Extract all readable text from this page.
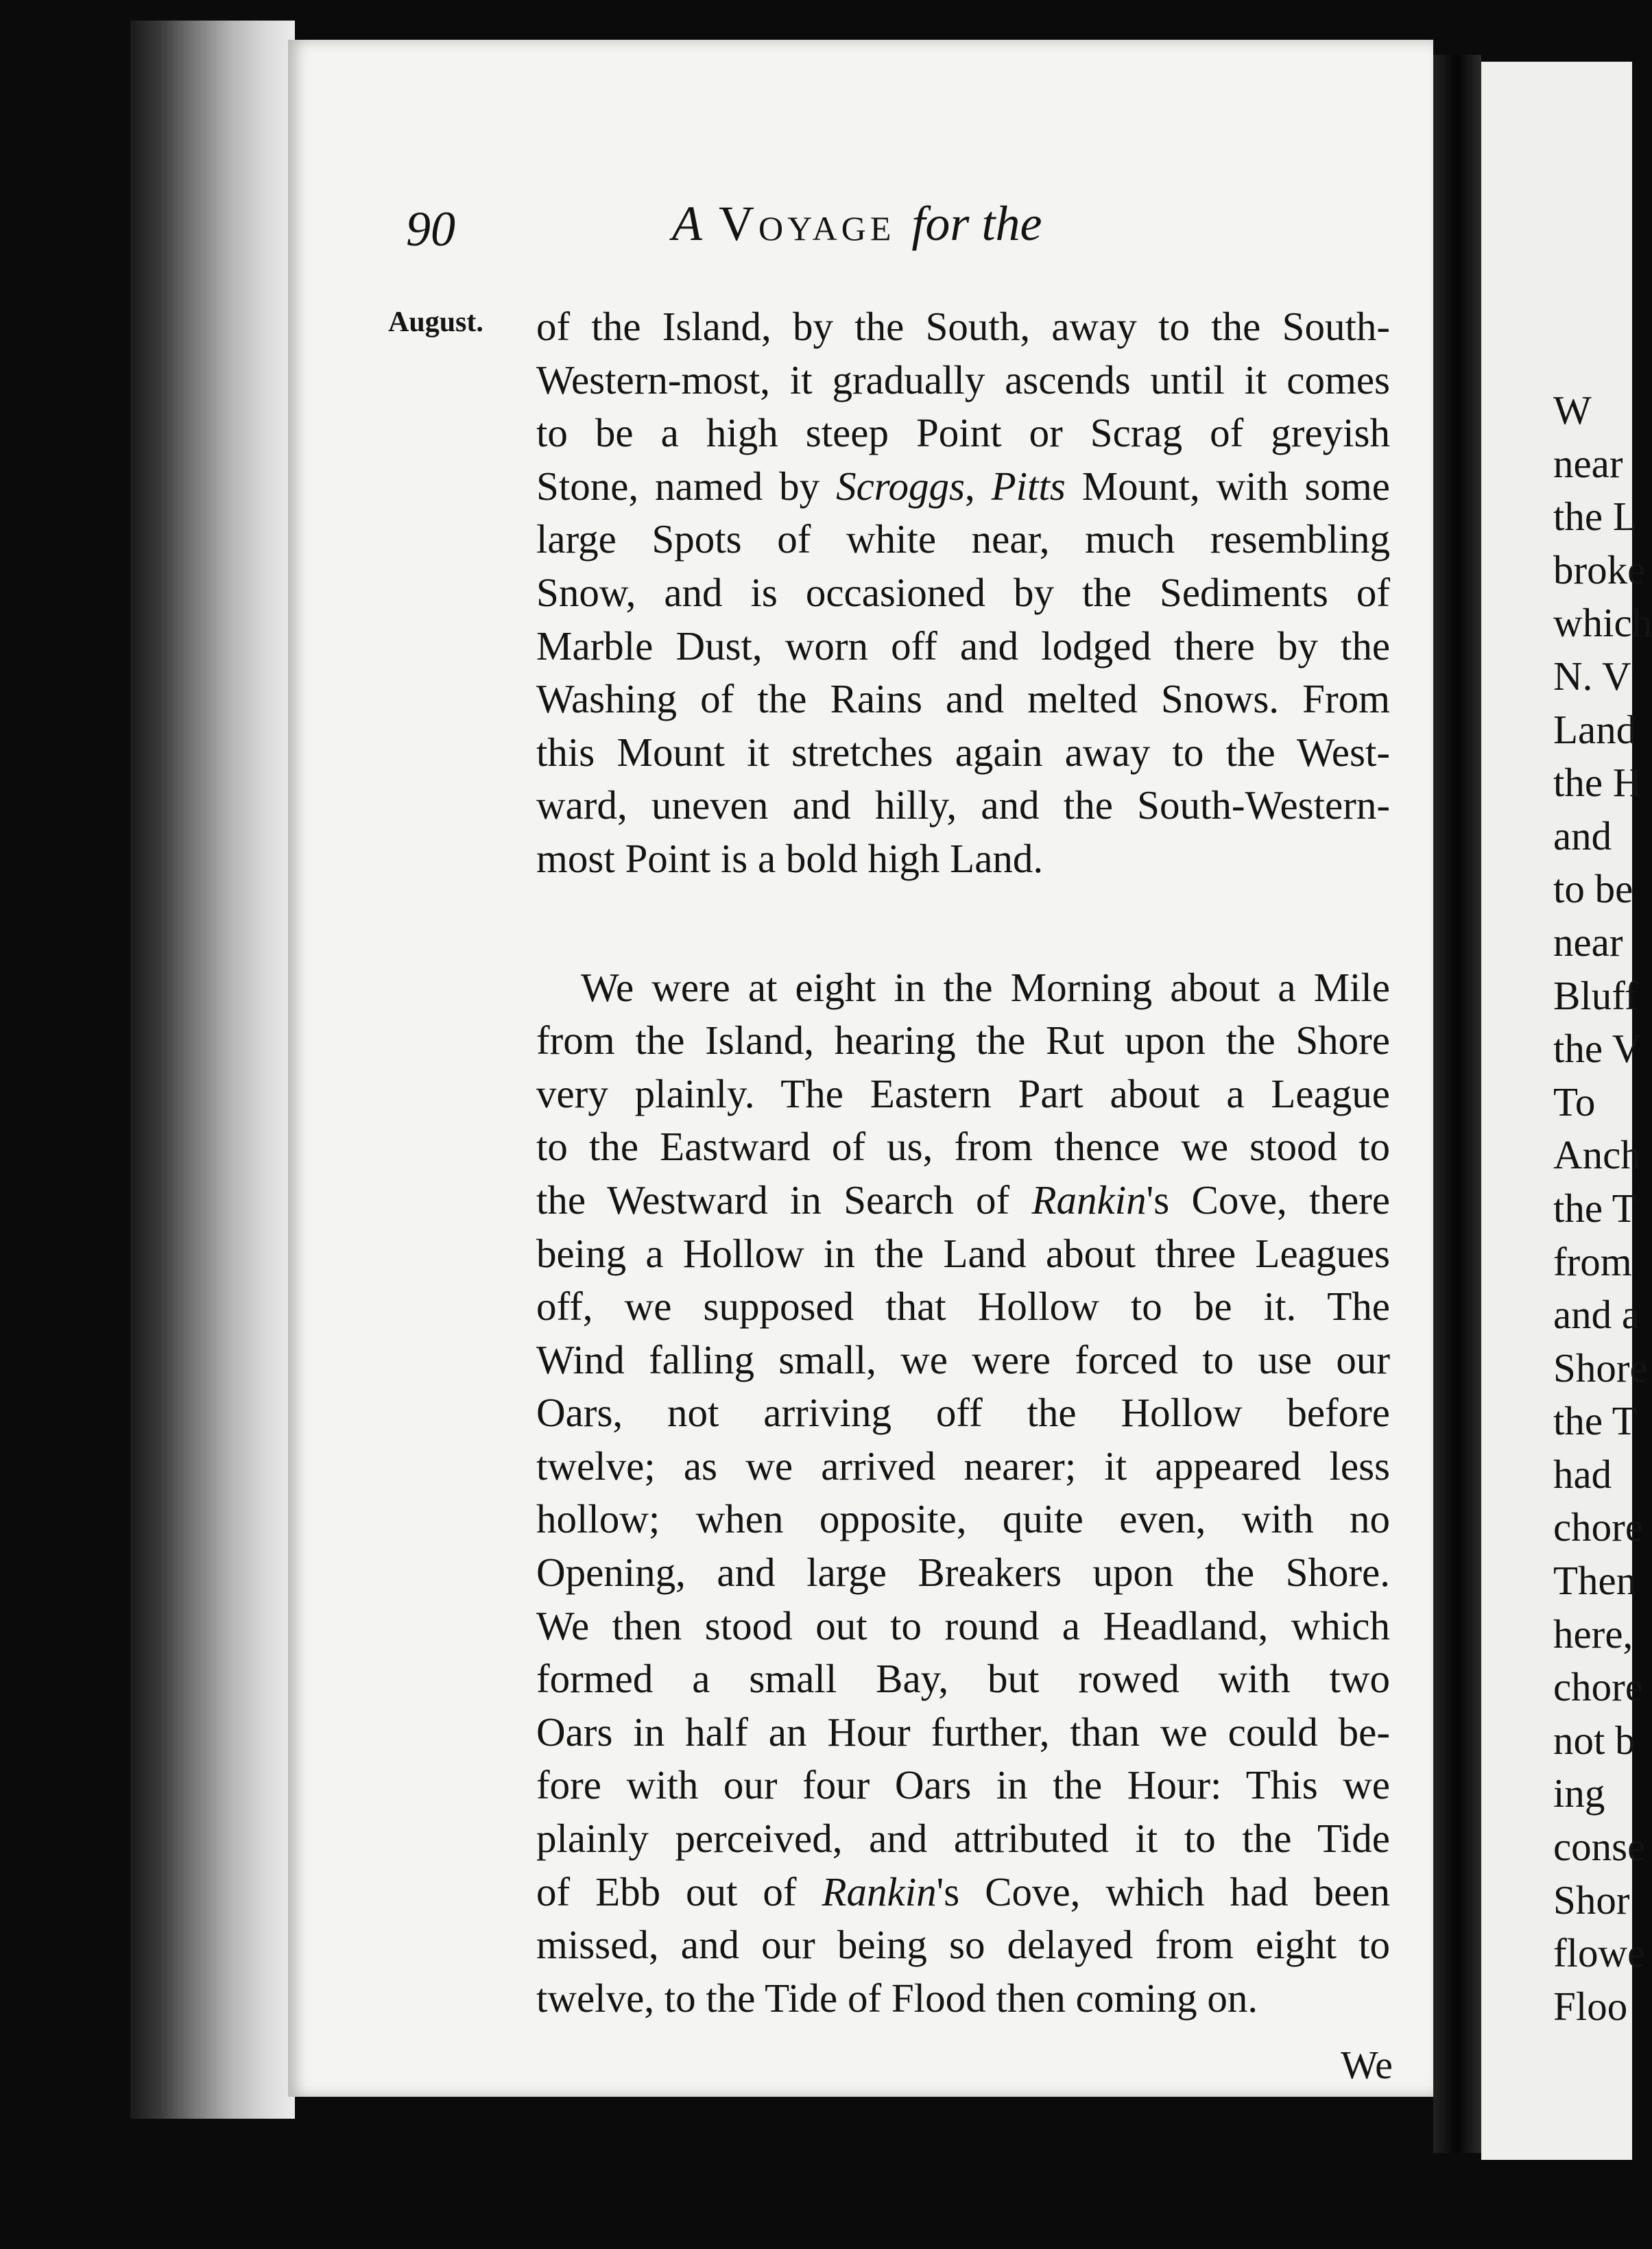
90	A Voyage for the
August. of the Island, by the South, away to the South-
Western-most, it gradually ascends until it comes
to be a high steep Point or Scrag of greyish
Stone, named by Scroggs, Pitts Mount, with some
large Spots of white near, much resembling
Snow, and is occasioned by the Sediments of
Marble Dust, worn off and lodged there by the
Washing of the Rains and melted Snows. From
this Mount it stretches again away to the West-
ward, uneven and hilly, and the South-Western-
most Point is a bold high Land.
We were at eight in the Morning about a Mile
from the Island, hearing the Rut upon the Shore
very plainly. The Eastern Part about a League
to the Eastward of us, from thence we stood to
the Westward in Search of Rankin's Cove, there
being a Hollow in the Land about three Leagues
off, we supposed that Hollow to be it. The
Wind falling small, we were forced to use our
Oars, not arriving off the Hollow before
twelve; as we arrived nearer; it appeared less
hollow; when opposite, quite even, with no
Opening, and large Breakers upon the Shore.
We then stood out to round a Headland, which
formed a small Bay, but rowed with two
Oars in half an Hour further, than we could be-
fore with our four Oars in the Hour: This we
plainly perceived, and attributed it to the Tide
of Ebb out of Rankin's Cove, which had been
missed, and our being so delayed from eight to
twelve, to the Tide of Flood then coming on.
We
W
near
the L
broke
which
N. V
Land
the H
and
to be
near
Bluff
the V
To
Anch
the T
from
and a
Shore
the T
had
chore
Then
here,
chore
not b
ing
conse
Shor
flowe
Floo
